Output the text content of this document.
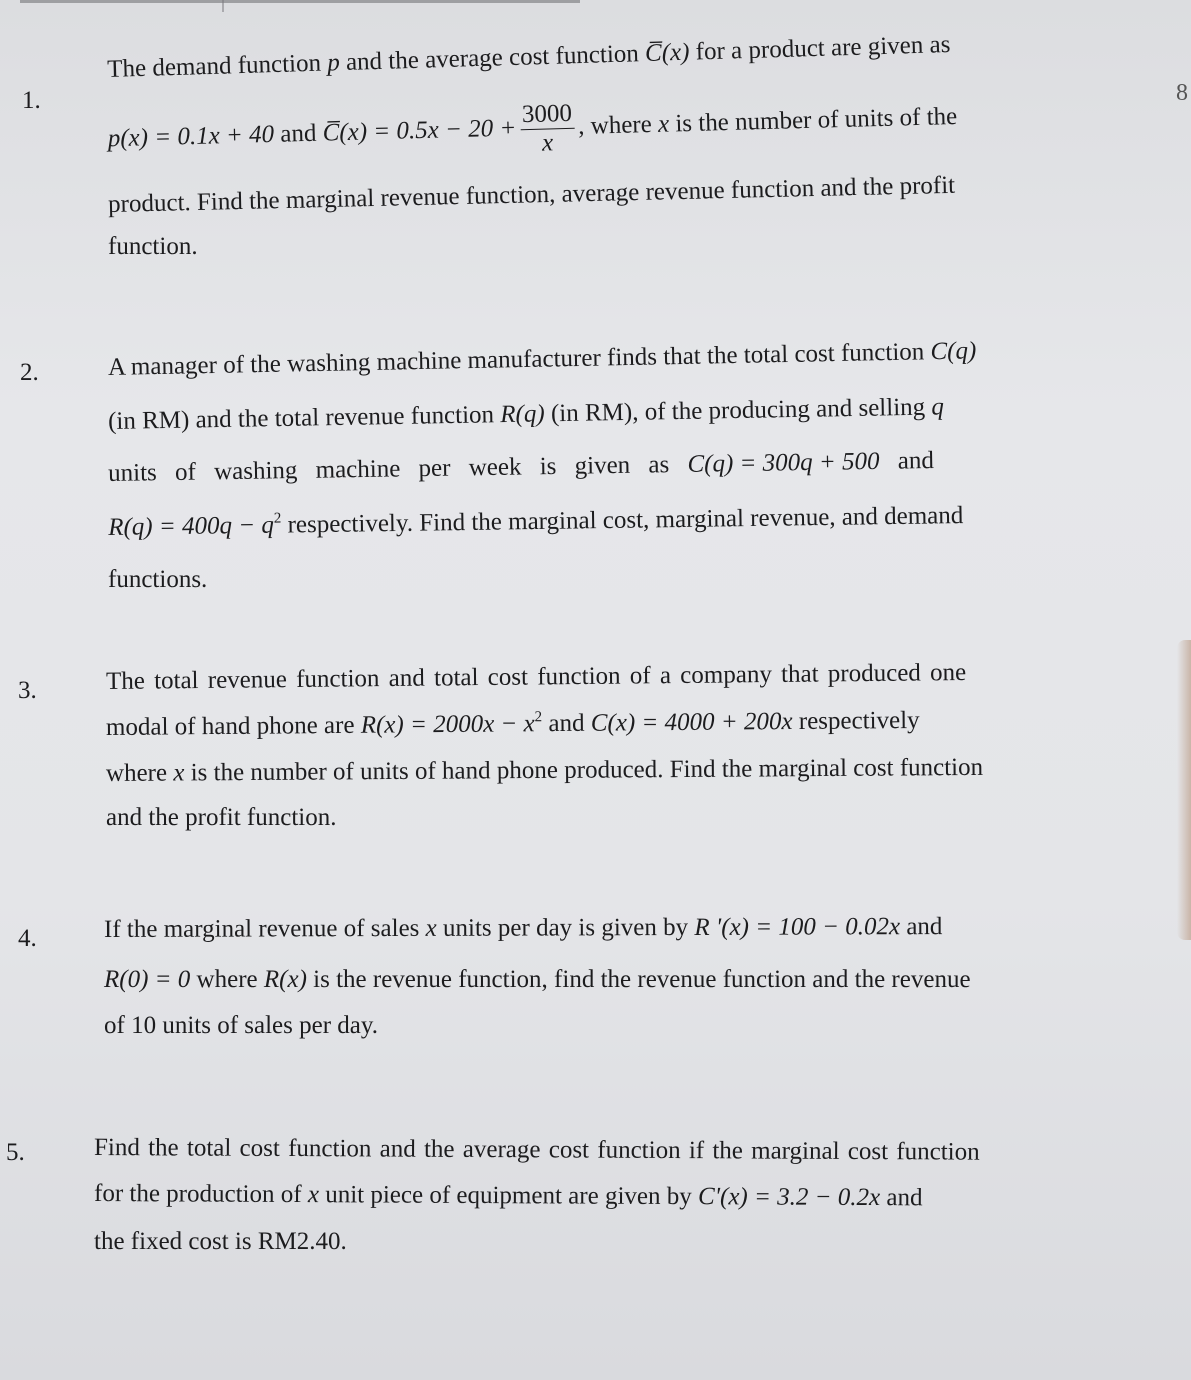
8
1.
The demand function p and the average cost function C̅(x) for a product are given as
p(x) = 0.1x + 40 and C̅(x) = $0.5x - 20 + \frac{3000}{x}$ , where x is the number of units of the
product. Find the marginal revenue function, average revenue function and the profit
function.
2.	A manager of the washing machine manufacturer finds that the total cost function C(q)
(in RM) and the total revenue function R(q) (in RM), of the producing and selling q
units of washing machine per week is given as C(q) = 300q + 500 and
$R(q) = 400q - q^2$ respectively. Find the marginal cost, marginal revenue, and demand
functions.
3.	The total revenue function and total cost function of a company that produced one
modal of hand phone are $R(x) = 2000x - x^2$ and C(x) = 4000 + 200x respectively
where x is the number of units of hand phone produced. Find the marginal cost function
and the profit function.
4.	If the marginal revenue of sales x units per day is given by R '(x) = 100 − 0.02x and
R(0) = 0 where R(x) is the revenue function, find the revenue function and the revenue
of 10 units of sales per day.
5.	Find the total cost function and the average cost function if the marginal cost function
for the production of x unit piece of equipment are given by C'(x) = 3.2 − 0.2x and
the fixed cost is RM2.40.
